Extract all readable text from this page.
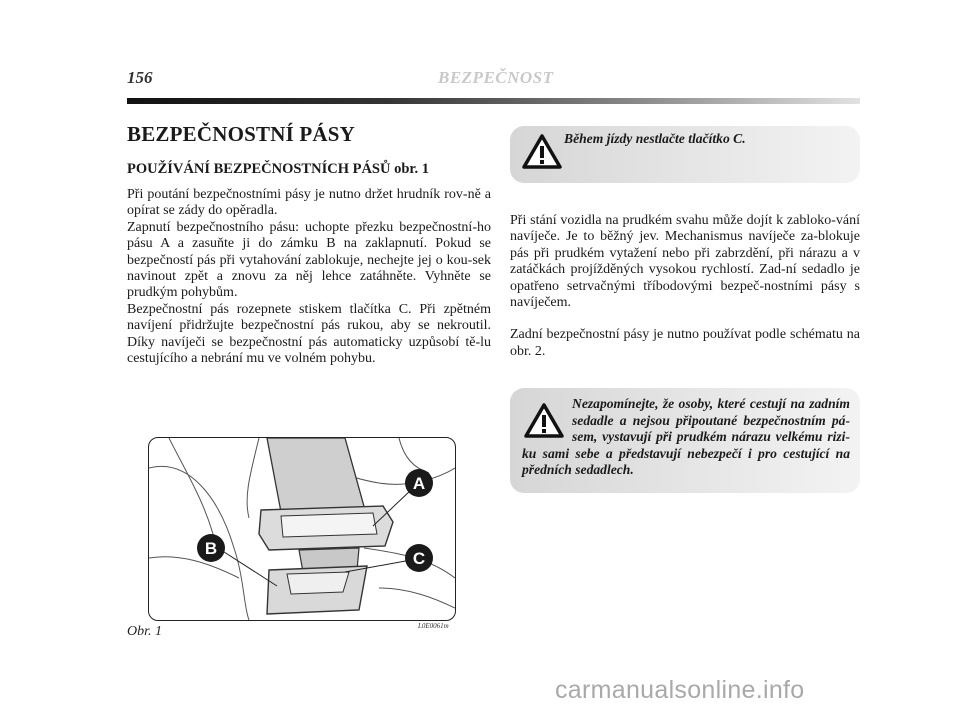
156	BEZPEČNOST
BEZPEČNOSTNÍ PÁSY
POUŽÍVÁNÍ BEZPEČNOSTNÍCH PÁSŮ obr. 1

Při poutání bezpečnostními pásy je nutno držet hrudník rov-ně a opírat se zády do opěradla.

Zapnutí bezpečnostního pásu: uchopte přezku bezpečnostní-ho pásu A a zasuňte ji do zámku B na zaklapnutí. Pokud se bezpečností pás při vytahování zablokuje, nechejte jej o kou-sek navinout zpět a znovu za něj lehce zatáhněte. Vyhněte se prudkým pohybům.

Bezpečnostní pás rozepnete stiskem tlačítka C. Při zpětném navíjení přidržujte bezpečnostní pás rukou, aby se nekroutil. Díky navíječi se bezpečnostní pás automaticky uzpůsobí tě-lu cestujícího a nebrání mu ve volném pohybu.

A
B
C
L0E0061m
Obr. 1
Během jízdy nestlačte tlačítko C.

Při stání vozidla na prudkém svahu může dojít k zabloko-vání navíječe. Je to běžný jev. Mechanismus navíječe za-blokuje pás při prudkém vytažení nebo při zabrzdění, při nárazu a v zatáčkách projížděných vysokou rychlostí. Zad-ní sedadlo je opatřeno setrvačnými tříbodovými bezpeč-nostními pásy s navíječem.

Zadní bezpečnostní pásy je nutno používat podle schématu na obr. 2.

Nezapomínejte, že osoby, které cestují na zadním sedadle a nejsou připoutané bezpečnostním pá-sem, vystavují při prudkém nárazu velkému rizi-ku sami sebe a představují nebezpečí i pro cestující na předních sedadlech.
carmanualsonline.info
